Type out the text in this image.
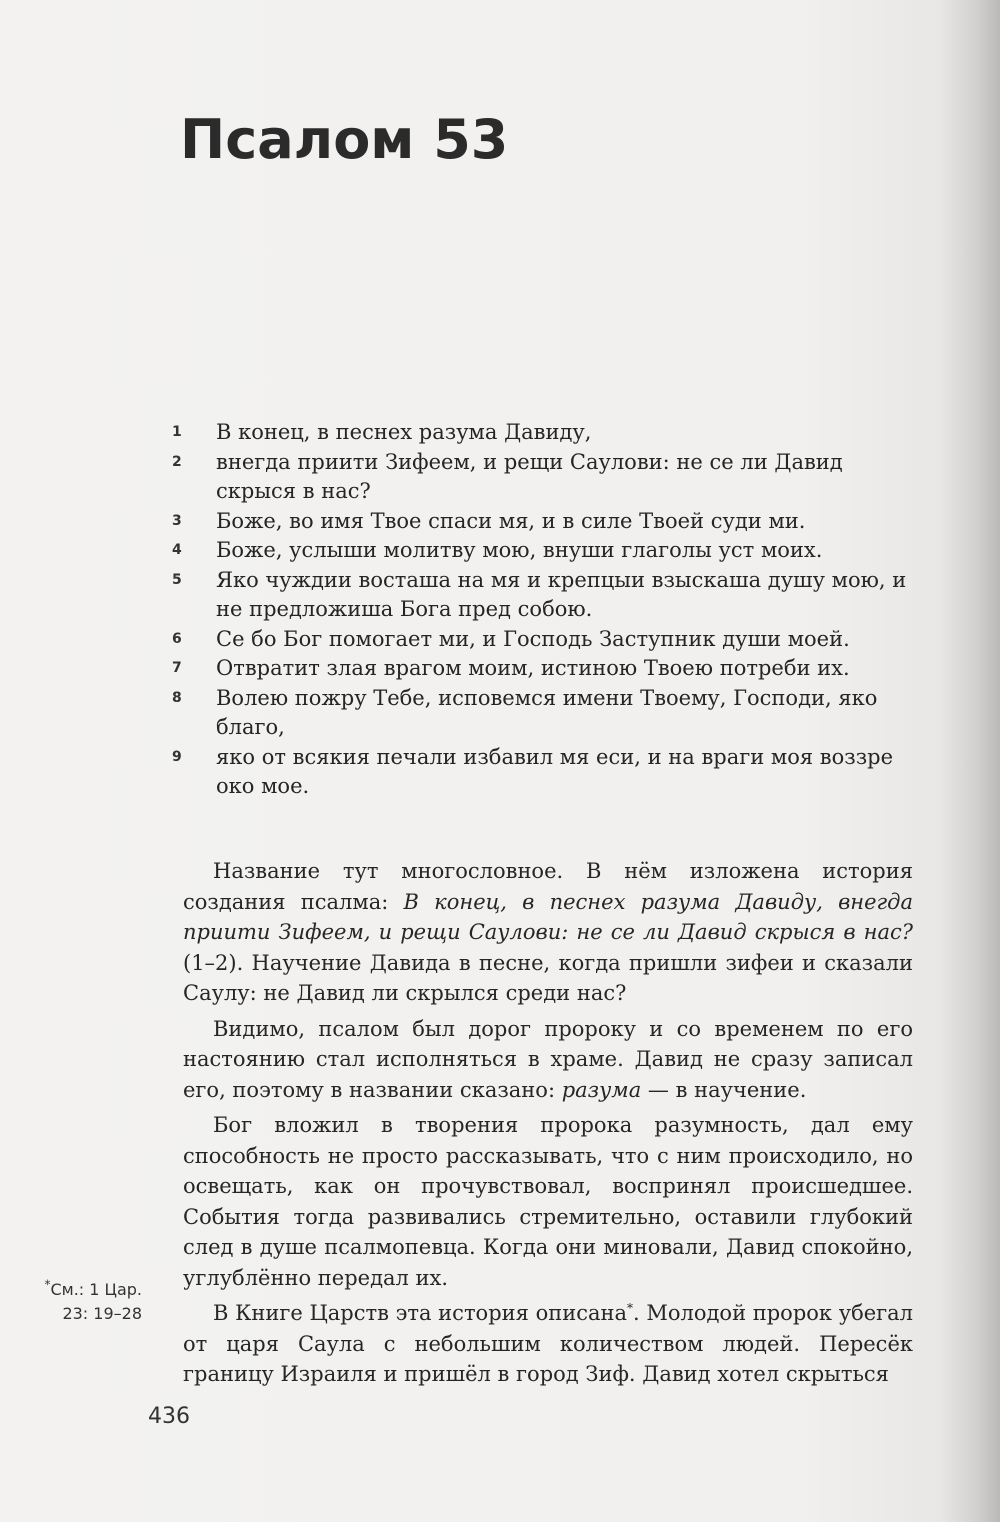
Псалом 53
1	В конец, в песнех разума Давиду,
2	внегда приити Зифеем, и рещи Саулови: не се ли Давид скрыся в нас?
3	Боже, во имя Твое спаси мя, и в силе Твоей суди ми.
4	Боже, услыши молитву мою, внуши глаголы уст моих.
5	Яко чуждии восташа на мя и крепцыи взыскаша душу мою, и не предложиша Бога пред собою.
6	Се бо Бог помогает ми, и Господь Заступник души моей.
7	Отвратит злая врагом моим, истиною Твоею потреби их.
8	Волею пожру Тебе, исповемся имени Твоему, Господи, яко благо,
9	яко от всякия печали избавил мя еси, и на враги моя воззре око мое.

Название тут многословное. В нём изложена история создания псалма: В конец, в песнех разума Давиду, внегда приити Зифеем, и рещи Саулови: не се ли Давид скрыся в нас? (1–2). Научение Давида в песне, когда пришли зифеи и сказали Саулу: не Давид ли скрылся среди нас?

Видимо, псалом был дорог пророку и со временем по его настоянию стал исполняться в храме. Давид не сразу записал его, поэтому в названии сказано: разума — в научение.

Бог вложил в творения пророка разумность, дал ему способность не просто рассказывать, что с ним происходило, но освещать, как он прочувствовал, воспринял происшедшее. События тогда развивались стремительно, оставили глубокий след в душе псалмопевца. Когда они миновали, Давид спокойно, углублённо передал их.

В Книге Царств эта история описана*. Молодой пророк убегал от царя Саула с небольшим количеством людей. Пересёк границу Израиля и пришёл в город Зиф. Давид хотел скрыться

*См.: 1 Цар.
23: 19–28
436
